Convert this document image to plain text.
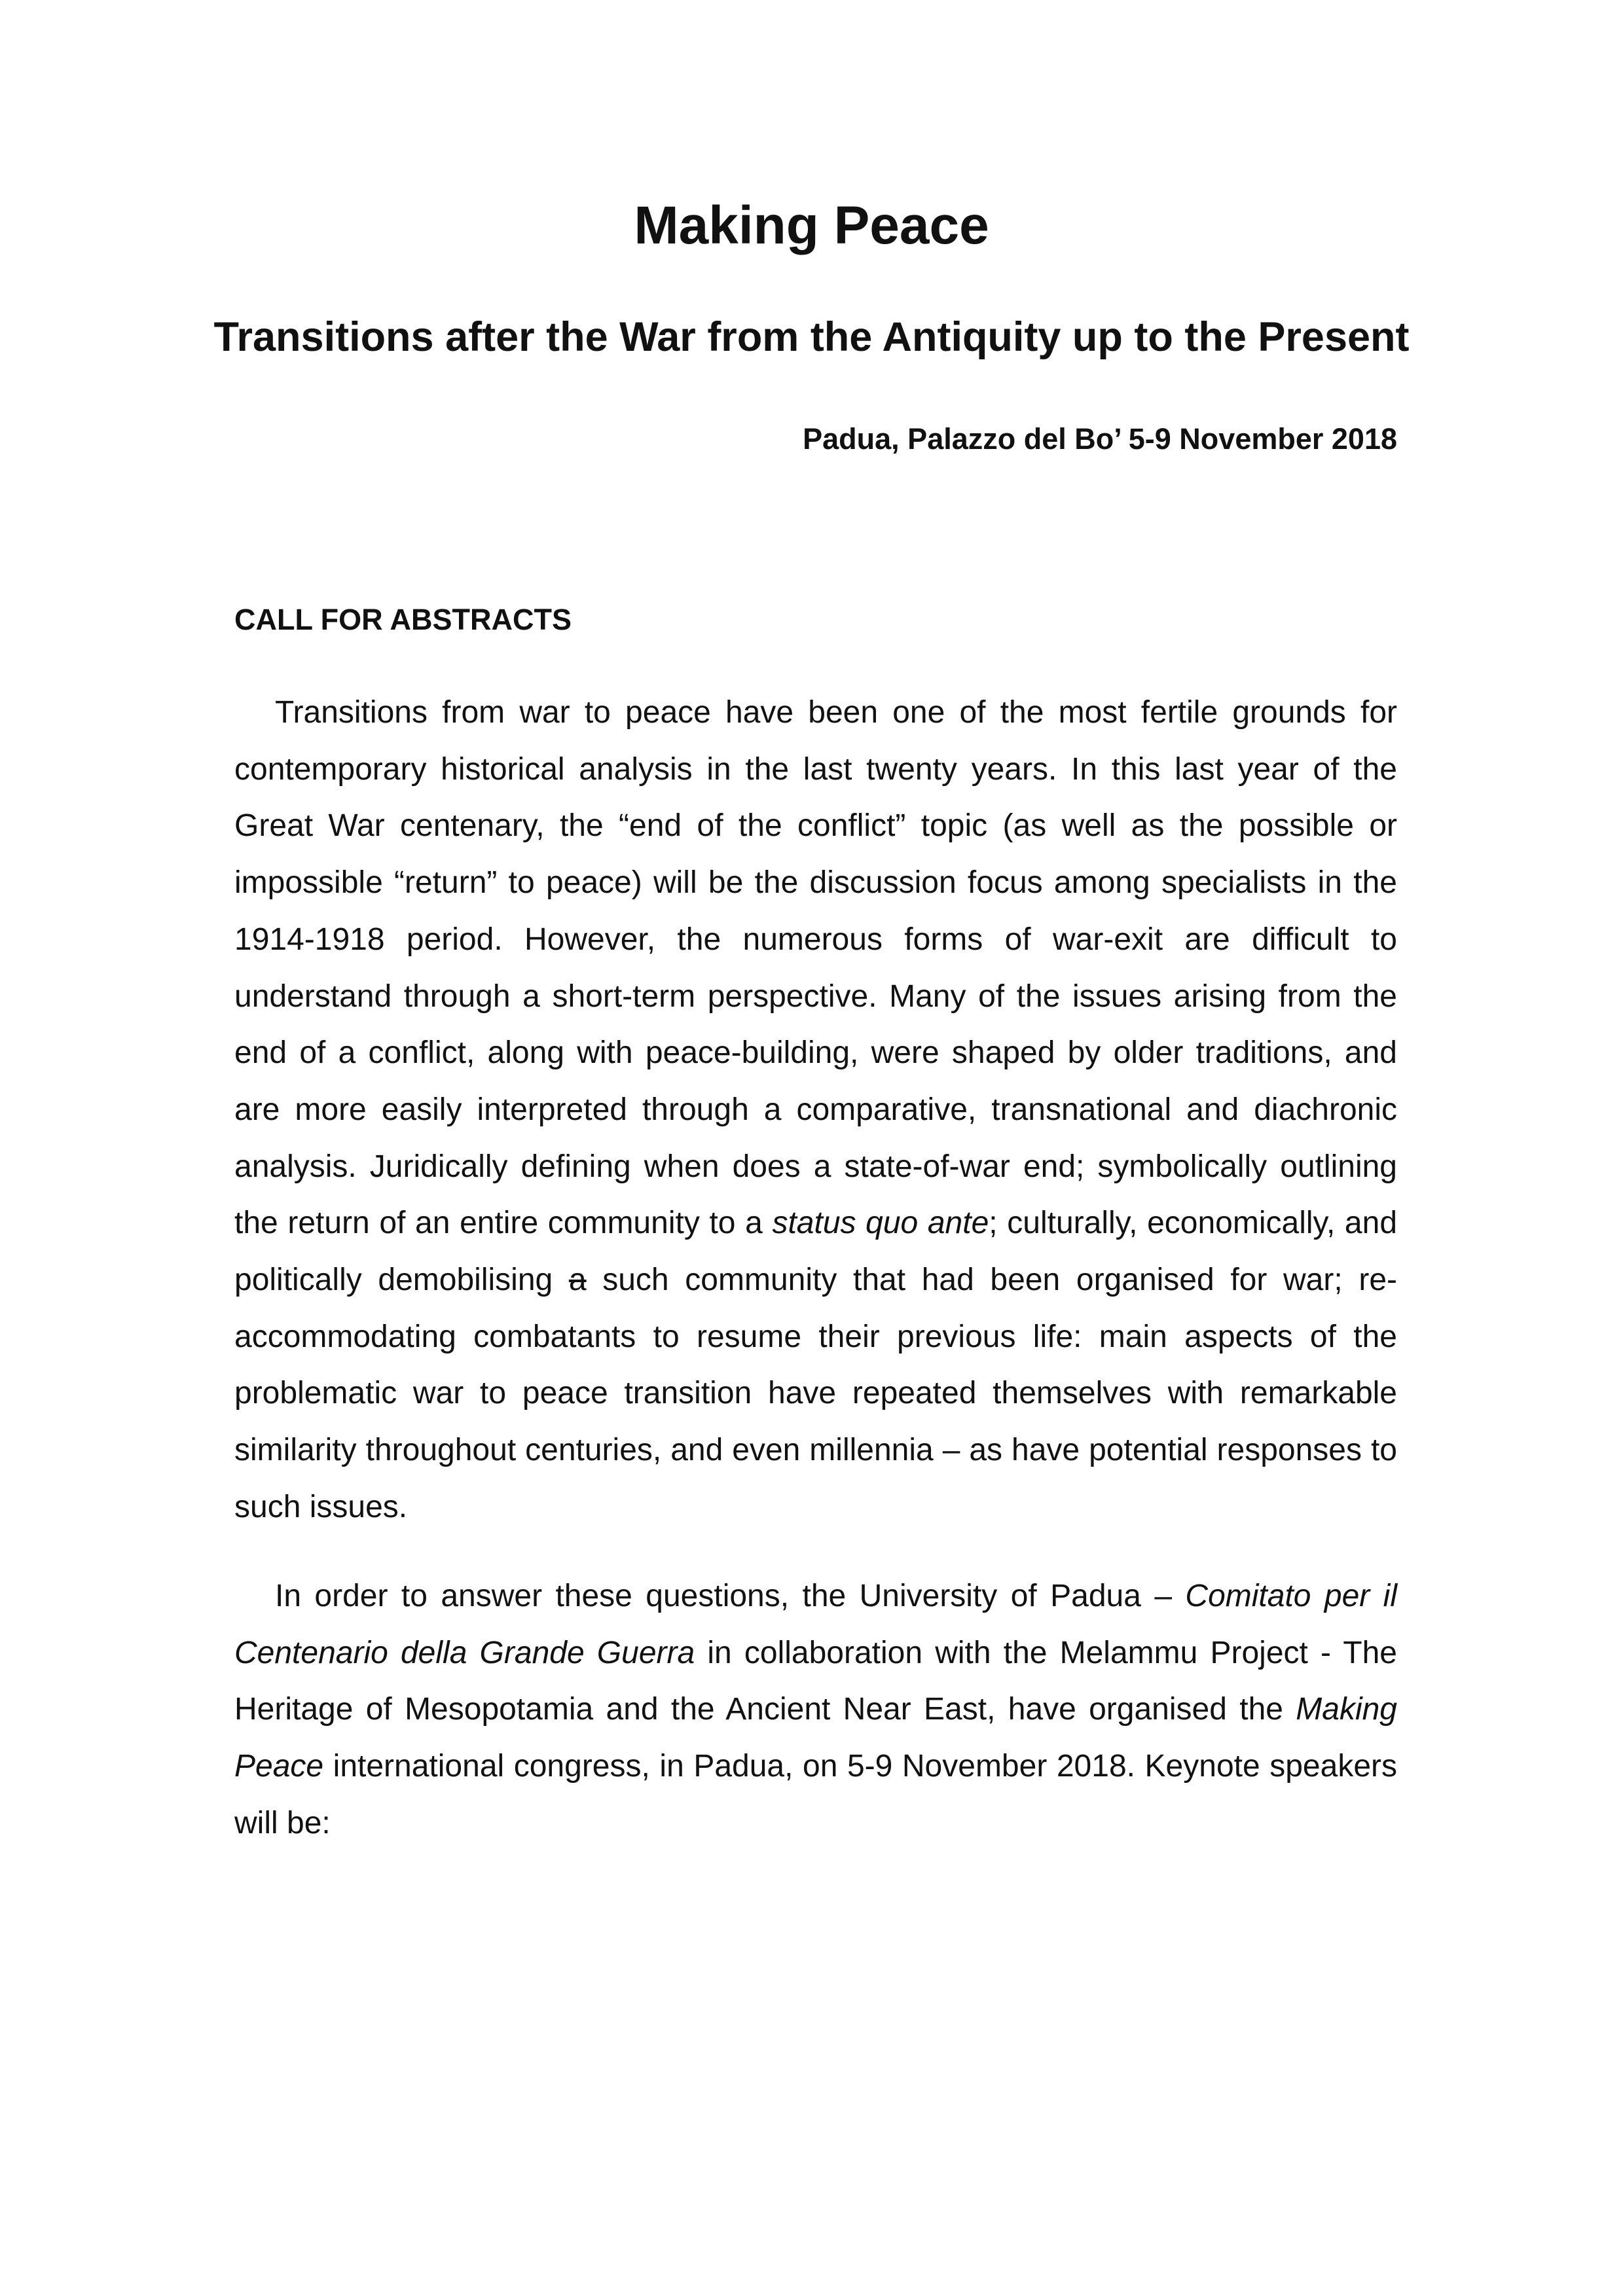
Making Peace
Transitions after the War from the Antiquity up to the Present

Padua, Palazzo del Bo’ 5-9 November 2018

CALL FOR ABSTRACTS

Transitions from war to peace have been one of the most fertile grounds for contemporary historical analysis in the last twenty years. In this last year of the Great War centenary, the “end of the conflict” topic (as well as the possible or impossible “return” to peace) will be the discussion focus among specialists in the 1914-1918 period. However, the numerous forms of war-exit are difficult to understand through a short-term perspective. Many of the issues arising from the end of a conflict, along with peace-building, were shaped by older traditions, and are more easily interpreted through a comparative, transnational and diachronic analysis. Juridically defining when does a state-of-war end; symbolically outlining the return of an entire community to a status quo ante; culturally, economically, and politically demobilising a such community that had been organised for war; re-accommodating combatants to resume their previous life: main aspects of the problematic war to peace transition have repeated themselves with remarkable similarity throughout centuries, and even millennia – as have potential responses to such issues.

In order to answer these questions, the University of Padua – Comitato per il Centenario della Grande Guerra in collaboration with the Melammu Project - The Heritage of Mesopotamia and the Ancient Near East, have organised the Making Peace international congress, in Padua, on 5-9 November 2018. Keynote speakers will be:
